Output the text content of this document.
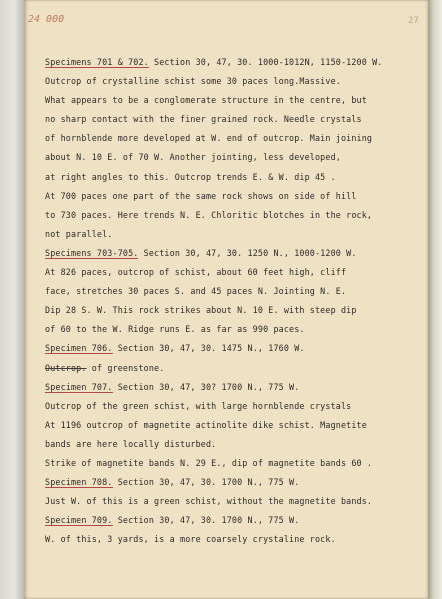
24 000	27
Specimens 701 & 702. Section 30, 47, 30. 1000-1012N, 1150-1200 W.
Outcrop of crystalline schist some 30 paces long.Massive.
What appears to be a conglomerate structure in the centre, but
no sharp contact with the finer grained rock. Needle crystals
of hornblende more developed at W. end of outcrop. Main joining
about N. 10 E. of 70 W. Another jointing, less developed,
at right angles to this. Outcrop trends E. & W. dip 45 .
At 700 paces one part of the same rock shows on side of hill
to 730 paces. Here trends N. E. Chloritic blotches in the rock,
not parallel.
Specimens 703-705. Section 30, 47, 30. 1250 N., 1000-1200 W.
At 826 paces, outcrop of schist, about 60 feet high, cliff
face, stretches 30 paces S. and 45 paces N. Jointing N. E.
Dip 28 S. W. This rock strikes about N. 10 E. with steep dip
of 60 to the W. Ridge runs E. as far as 990 paces.
Specimen 706. Section 30, 47, 30. 1475 N., 1760 W.
Outcrop. of greenstone.
Specimen 707. Section 30, 47, 30? 1700 N., 775 W.
Outcrop of the green schist, with large hornblende crystals
At 1196 outcrop of magnetite actinolite dike schist. Magnetite
bands are here locally disturbed.
Strike of magnetite bands N. 29 E., dip of magnetite bands 60 .
Specimen 708. Section 30, 47, 30. 1700 N., 775 W.
Just W. of this is a green schist, without the magnetite bands.
Specimen 709. Section 30, 47, 30. 1700 N., 775 W.
W. of this, 3 yards, is a more coarsely crystaline rock.
